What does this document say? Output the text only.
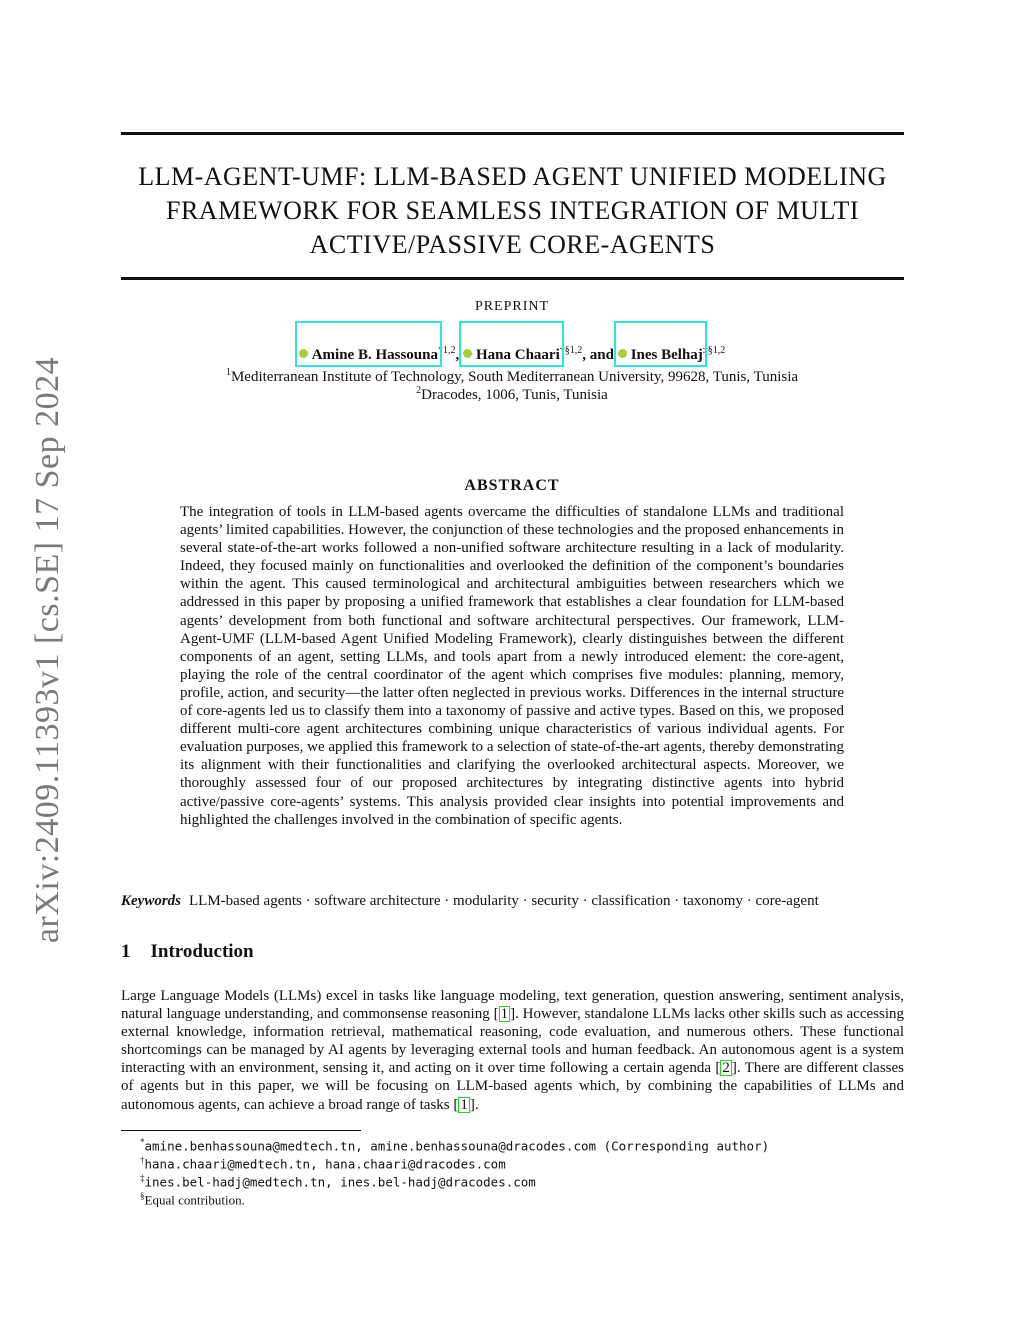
arXiv:2409.11393v1 [cs.SE] 17 Sep 2024
LLM-AGENT-UMF: LLM-BASED AGENT UNIFIED MODELING
FRAMEWORK FOR SEAMLESS INTEGRATION OF MULTI
ACTIVE/PASSIVE CORE-AGENTS
PREPRINT
Amine B. Hassouna$^{*1,2}$, Hana Chaari$^{\dagger\S 1,2}$, and Ines Belhaj$^{\ddagger\S 1,2}$
$^1$Mediterranean Institute of Technology, South Mediterranean University, 99628, Tunis, Tunisia
$^2$Dracodes, 1006, Tunis, Tunisia
ABSTRACT
The integration of tools in LLM-based agents overcame the difficulties of standalone LLMs and traditional agents’ limited capabilities. However, the conjunction of these technologies and the proposed enhancements in several state-of-the-art works followed a non-unified software architecture resulting in a lack of modularity. Indeed, they focused mainly on functionalities and overlooked the definition of the component’s boundaries within the agent. This caused terminological and architectural ambiguities between researchers which we addressed in this paper by proposing a unified framework that establishes a clear foundation for LLM-based agents’ development from both functional and software architectural perspectives. Our framework, LLM-Agent-UMF (LLM-based Agent Unified Modeling Framework), clearly distinguishes between the different components of an agent, setting LLMs, and tools apart from a newly introduced element: the core-agent, playing the role of the central coordinator of the agent which comprises five modules: planning, memory, profile, action, and security—the latter often neglected in previous works. Differences in the internal structure of core-agents led us to classify them into a taxonomy of passive and active types. Based on this, we proposed different multi-core agent architectures combining unique characteristics of various individual agents. For evaluation purposes, we applied this framework to a selection of state-of-the-art agents, thereby demonstrating its alignment with their functionalities and clarifying the overlooked architectural aspects. Moreover, we thoroughly assessed four of our proposed architectures by integrating distinctive agents into hybrid active/passive core-agents’ systems. This analysis provided clear insights into potential improvements and highlighted the challenges involved in the combination of specific agents.
Keywords LLM-based agents · software architecture · modularity · security · classification · taxonomy · core-agent
1 Introduction
Large Language Models (LLMs) excel in tasks like language modeling, text generation, question answering, sentiment analysis, natural language understanding, and commonsense reasoning [ 1 ]. However, standalone LLMs lacks other skills such as accessing external knowledge, information retrieval, mathematical reasoning, code evaluation, and numerous others. These functional shortcomings can be managed by AI agents by leveraging external tools and human feedback. An autonomous agent is a system interacting with an environment, sensing it, and acting on it over time following a certain agenda [ 2 ]. There are different classes of agents but in this paper, we will be focusing on LLM-based agents which, by combining the capabilities of LLMs and autonomous agents, can achieve a broad range of tasks [ 1 ].
*amine.benhassouna@medtech.tn, amine.benhassouna@dracodes.com (Corresponding author)
†hana.chaari@medtech.tn, hana.chaari@dracodes.com
‡ines.bel-hadj@medtech.tn, ines.bel-hadj@dracodes.com
§Equal contribution.
